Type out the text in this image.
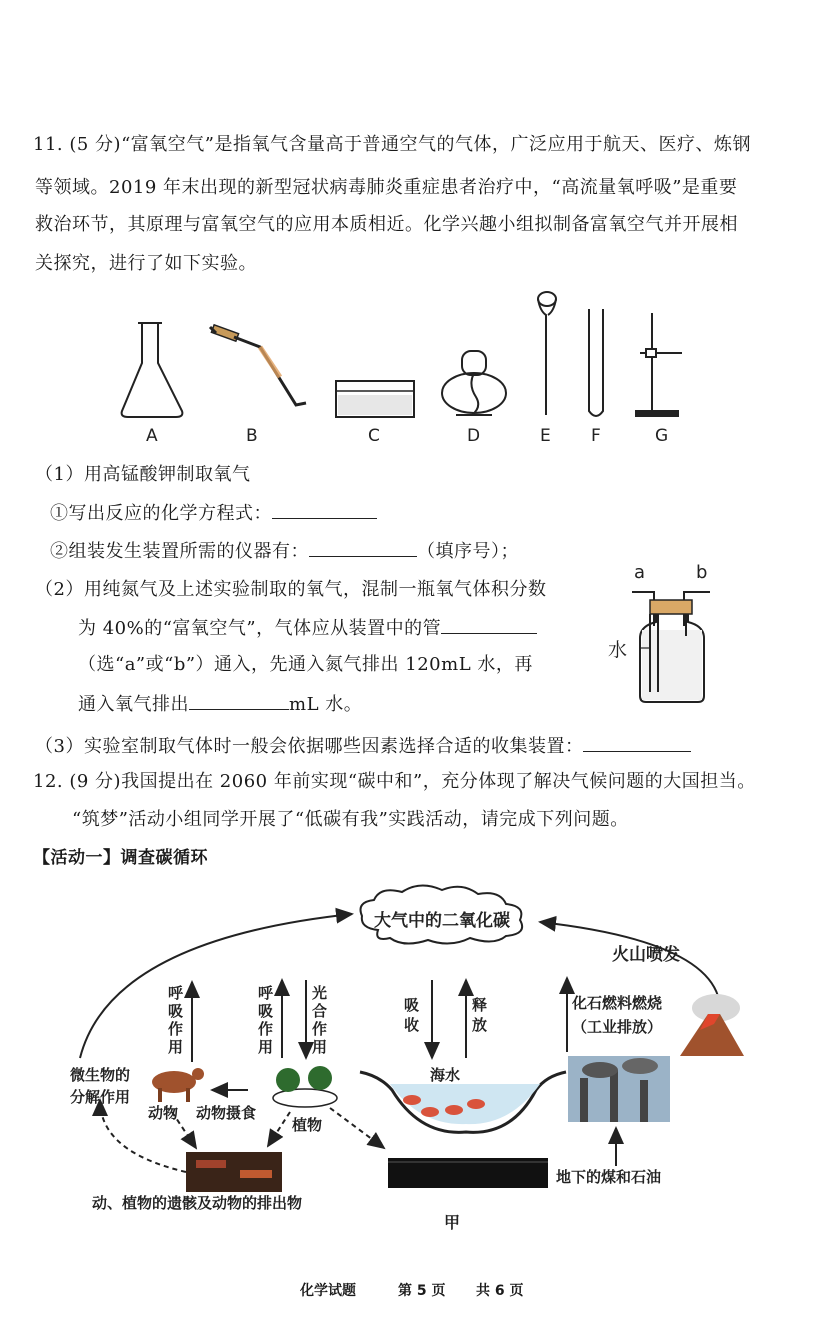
11. (5 分)“富氧空气”是指氧气含量高于普通空气的气体，广泛应用于航天、医疗、炼钢
等领域。2019 年末出现的新型冠状病毒肺炎重症患者治疗中，“高流量氧呼吸”是重要
救治环节，其原理与富氧空气的应用本质相近。化学兴趣小组拟制备富氧空气并开展相
关探究，进行了如下实验。
A	B	C	D	E F	G
（1）用高锰酸钾制取氧气
①写出反应的化学方程式：
②组装发生装置所需的仪器有：	（填序号）；
（2）用纯氮气及上述实验制取的氧气，混制一瓶氧气体积分数
为 40%的“富氧空气”，气体应从装置中的管
（选“a”或“b”）通入，先通入氮气排出 120mL 水，再
通入氧气排出	mL 水。
a	b
水
（3）实验室制取气体时一般会依据哪些因素选择合适的收集装置：
12. (9 分)我国提出在 2060 年前实现“碳中和”，充分体现了解决气候问题的大国担当。
“筑梦”活动小组同学开展了“低碳有我”实践活动，请完成下列问题。
【活动一】调查碳循环
大气中的二氧化碳
火山喷发
呼
吸
作
用
呼
吸
作
用
光
合
作
用
吸
收
释
放
化石燃料燃烧
（工业排放）
海水
微生物的
分解作用
动物 动物摄食
植物
动、植物的遗骸及动物的排出物
地下的煤和石油
甲
化学试题	第 5 页 共 6 页
